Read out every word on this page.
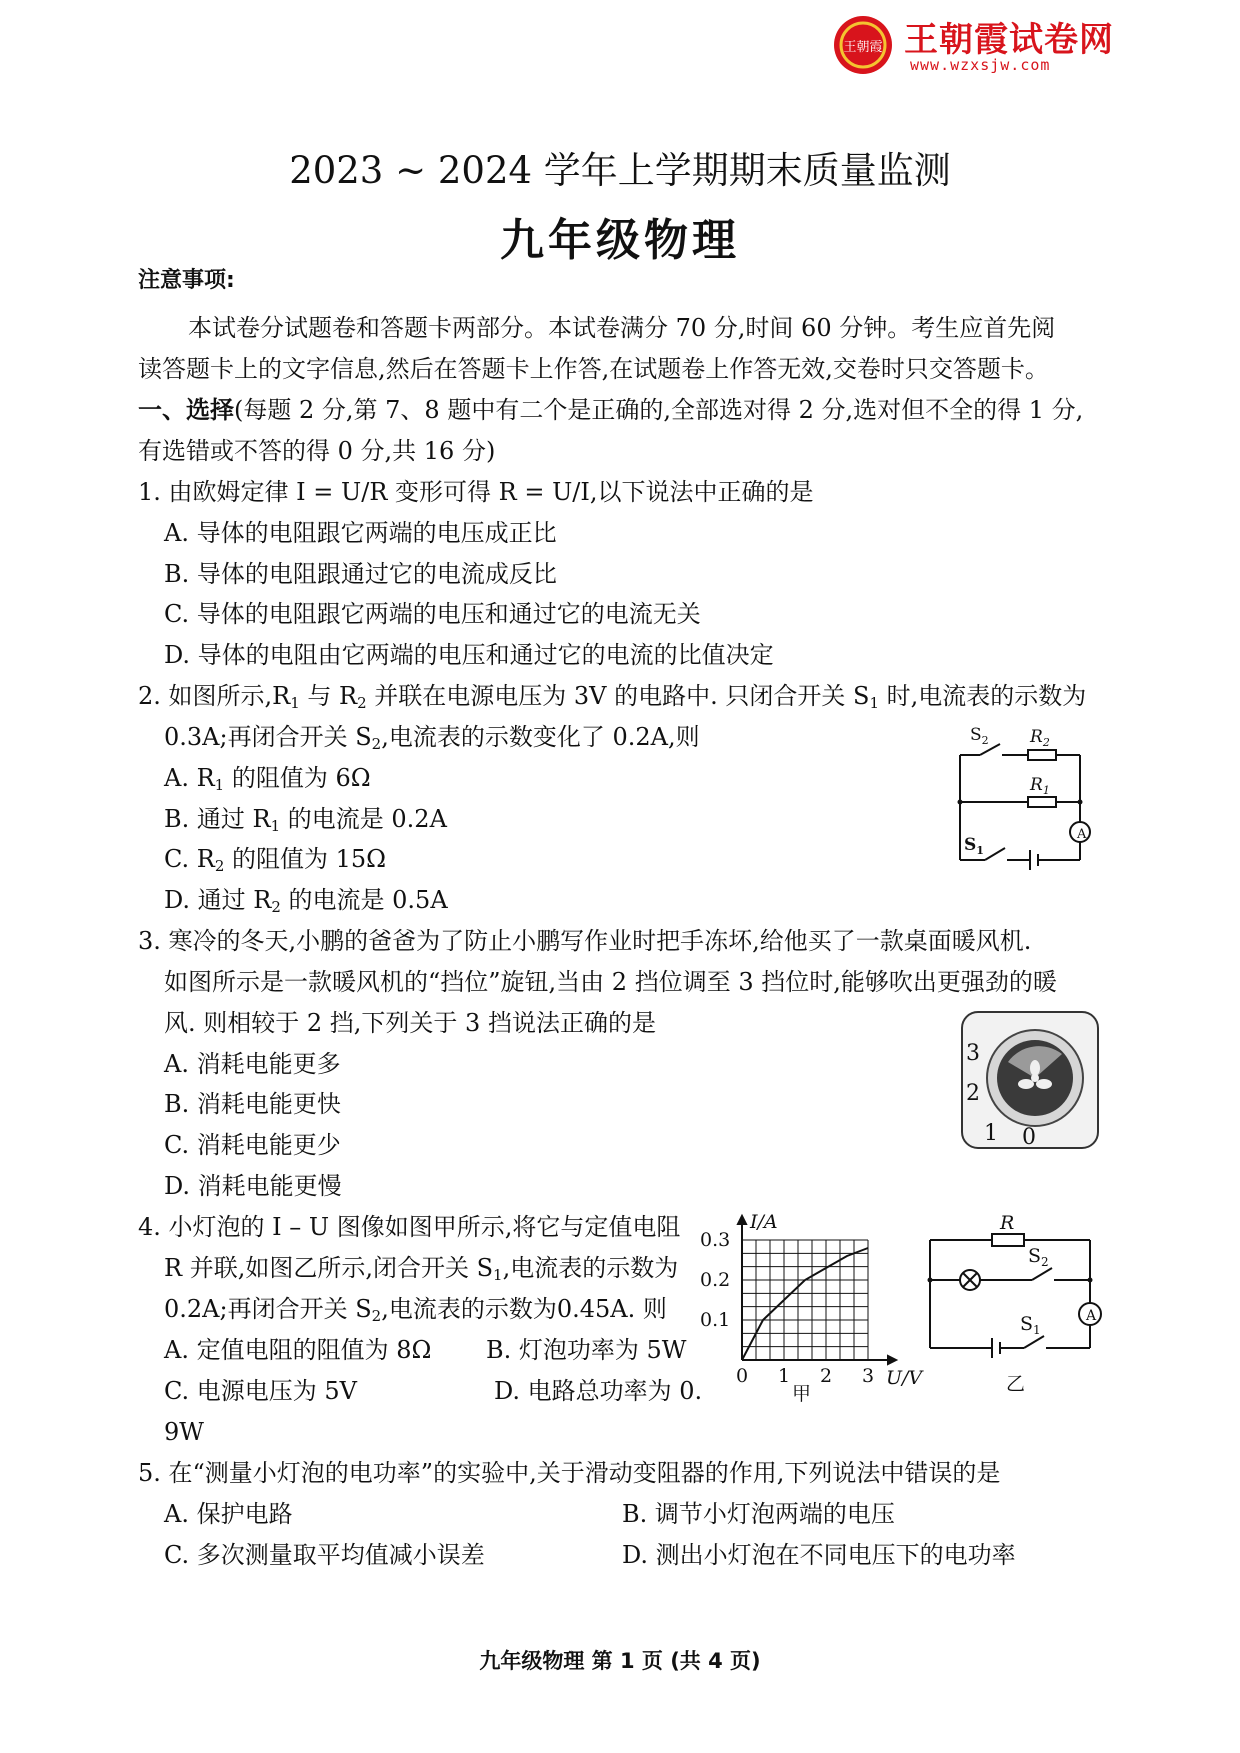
王朝霞 王朝霞试卷网
www.wzxsjw.com
2023 ~ 2024 学年上学期期末质量监测
九年级物理
注意事项:
本试卷分试题卷和答题卡两部分。本试卷满分 70 分,时间 60 分钟。考生应首先阅
读答题卡上的文字信息,然后在答题卡上作答,在试题卷上作答无效,交卷时只交答题卡。
一、选择(每题 2 分,第 7、8 题中有二个是正确的,全部选对得 2 分,选对但不全的得 1 分,
有选错或不答的得 0 分,共 16 分)
1. 由欧姆定律 I = U/R 变形可得 R = U/I,以下说法中正确的是
A. 导体的电阻跟它两端的电压成正比
B. 导体的电阻跟通过它的电流成反比
C. 导体的电阻跟它两端的电压和通过它的电流无关
D. 导体的电阻由它两端的电压和通过它的电流的比值决定
2. 如图所示$,R_1$ 与 $R_2$ 并联在电源电压为 3V 的电路中. 只闭合开关 $S_1$ 时,电流表的示数为
0.3A;再闭合开关 $S_2$,电流表的示数变化了 0.2A,则
A. $R_1$ 的阻值为 6Ω
B. 通过 $R_1$ 的电流是 0.2A
C. $R_2$ 的阻值为 15Ω
D. 通过 $R_2$ 的电流是 0.5A
A
$S_2$ $R_2$
$R_1$
$S_1$
3. 寒冷的冬天,小鹏的爸爸为了防止小鹏写作业时把手冻坏,给他买了一款桌面暖风机.
如图所示是一款暖风机的“挡位”旋钮,当由 2 挡位调至 3 挡位时,能够吹出更强劲的暖
风. 则相较于 2 挡,下列关于 3 挡说法正确的是
A. 消耗电能更多
B. 消耗电能更快
C. 消耗电能更少
D. 消耗电能更慢
3
2
1 0
4. 小灯泡的 I – U 图像如图甲所示,将它与定值电阻
R 并联,如图乙所示,闭合开关 $S_1$,电流表的示数为
0.2A;再闭合开关 $S_2$,电流表的示数为0.45A. 则
A. 定值电阻的阻值为 8Ω B. 灯泡功率为 5W
C. 电源电压为 5V	D. 电路总功率为 0.
9W
0 1 2 3
0.1
0.2
0.3
U/V
I/A
甲
A
R
$S_2$
$S_1$
乙
5. 在“测量小灯泡的电功率”的实验中,关于滑动变阻器的作用,下列说法中错误的是
A. 保护电路	B. 调节小灯泡两端的电压
C. 多次测量取平均值减小误差	D. 测出小灯泡在不同电压下的电功率
九年级物理 第 1 页 (共 4 页)
